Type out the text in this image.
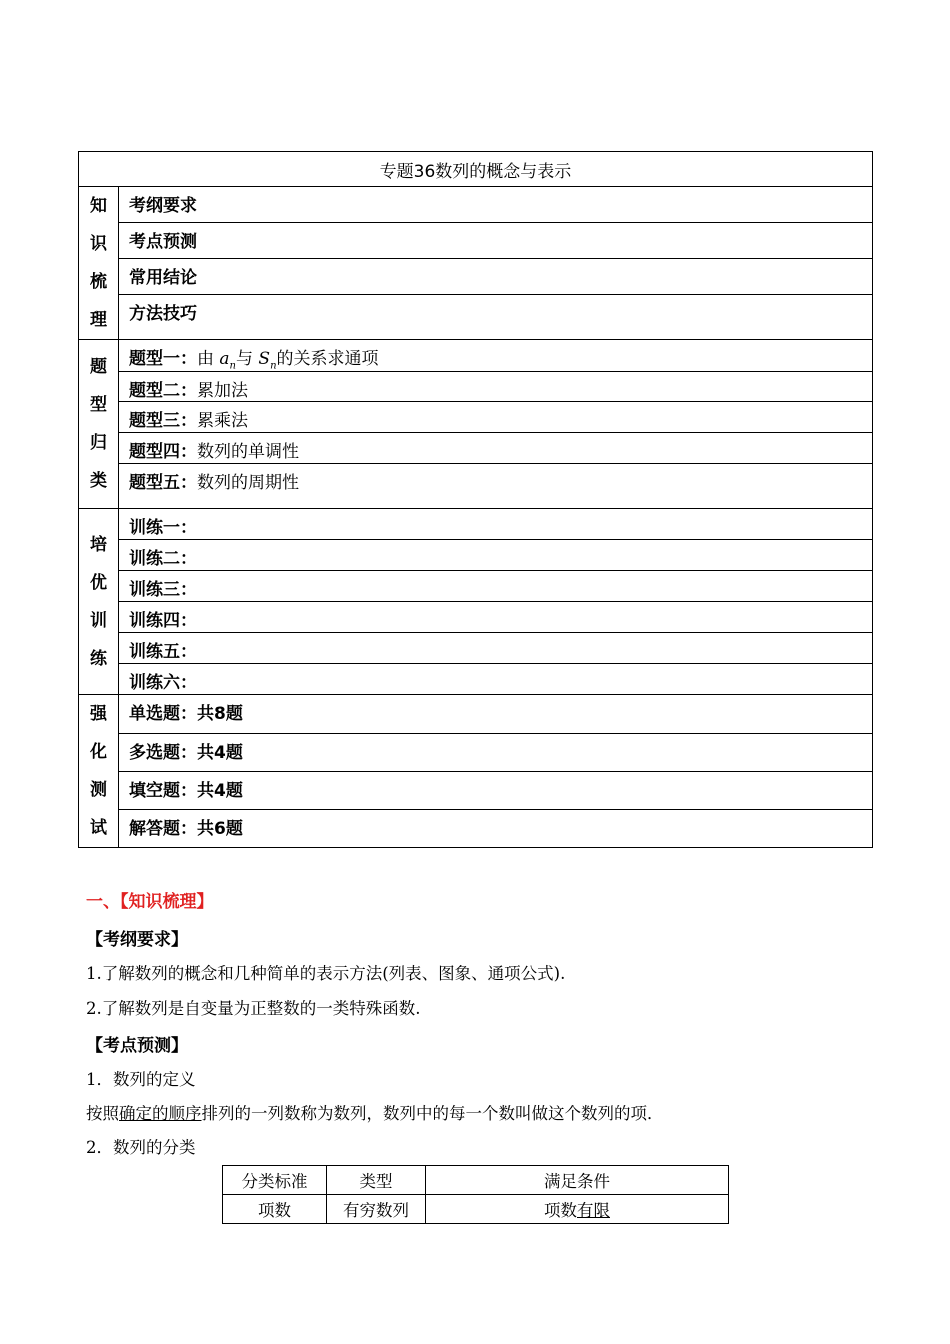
专题36数列的概念与表示	

知
识
梳
理	考纲要求
	考点预测
	常用结论
	方法技巧

题
型
归
类	题型一：由 $a_n$与 $S_n$的关系求通项
	题型二：累加法
	题型三：累乘法
	题型四：数列的单调性
	题型五：数列的周期性

培
优
训
练	训练一：
	训练二：
	训练三：
	训练四：
	训练五：
	训练六：

强
化
测
试	单选题：共8题
	多选题：共4题
	填空题：共4题
	解答题：共6题
一、【知识梳理】
【考纲要求】
1.了解数列的概念和几种简单的表示方法(列表、图象、通项公式).
2.了解数列是自变量为正整数的一类特殊函数.
【考点预测】
1．数列的定义
按照确定的顺序排列的一列数称为数列，数列中的每一个数叫做这个数列的项．
2．数列的分类
分类标准	类型	满足条件
项数	有穷数列	项数有限
